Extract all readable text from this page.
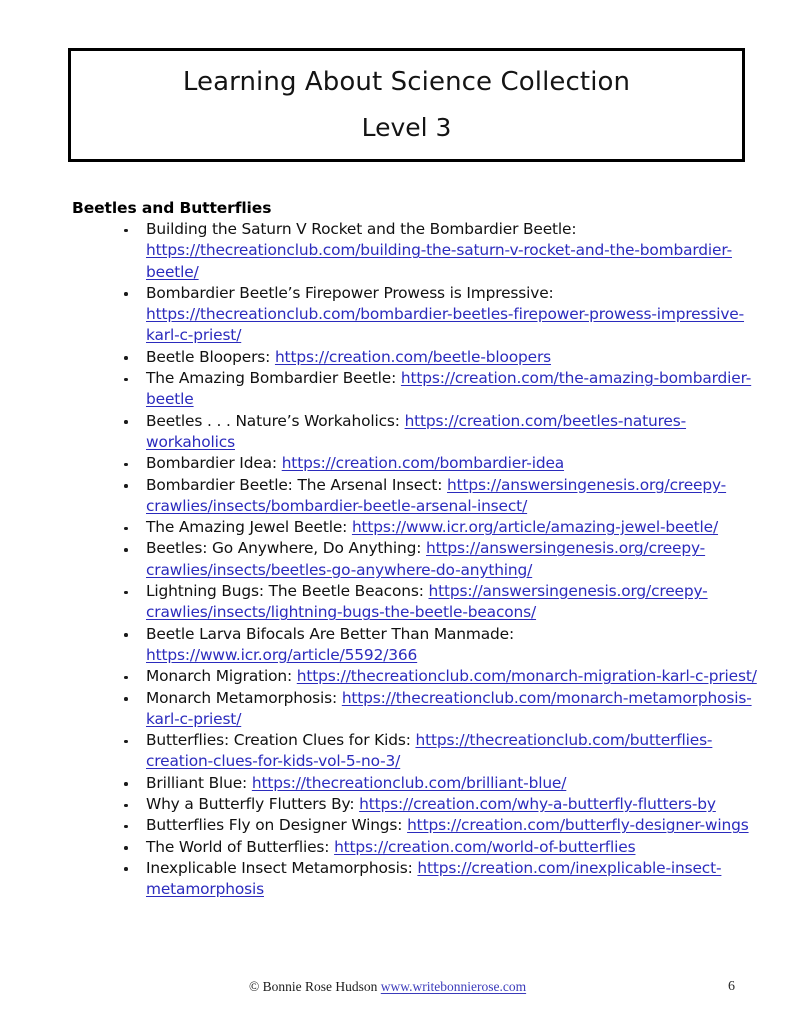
Learning About Science Collection
Level 3
Beetles and Butterflies
Building the Saturn V Rocket and the Bombardier Beetle: https://thecreationclub.com/building-the-saturn-v-rocket-and-the-bombardier-beetle/
Bombardier Beetle’s Firepower Prowess is Impressive: https://thecreationclub.com/bombardier-beetles-firepower-prowess-impressive-karl-c-priest/
Beetle Bloopers: https://creation.com/beetle-bloopers
The Amazing Bombardier Beetle: https://creation.com/the-amazing-bombardier-beetle
Beetles . . . Nature’s Workaholics: https://creation.com/beetles-natures-workaholics
Bombardier Idea: https://creation.com/bombardier-idea
Bombardier Beetle: The Arsenal Insect: https://answersingenesis.org/creepy-crawlies/insects/bombardier-beetle-arsenal-insect/
The Amazing Jewel Beetle: https://www.icr.org/article/amazing-jewel-beetle/
Beetles: Go Anywhere, Do Anything: https://answersingenesis.org/creepy-crawlies/insects/beetles-go-anywhere-do-anything/
Lightning Bugs: The Beetle Beacons: https://answersingenesis.org/creepy-crawlies/insects/lightning-bugs-the-beetle-beacons/
Beetle Larva Bifocals Are Better Than Manmade: https://www.icr.org/article/5592/366
Monarch Migration: https://thecreationclub.com/monarch-migration-karl-c-priest/
Monarch Metamorphosis: https://thecreationclub.com/monarch-metamorphosis-karl-c-priest/
Butterflies: Creation Clues for Kids: https://thecreationclub.com/butterflies-creation-clues-for-kids-vol-5-no-3/
Brilliant Blue: https://thecreationclub.com/brilliant-blue/
Why a Butterfly Flutters By: https://creation.com/why-a-butterfly-flutters-by
Butterflies Fly on Designer Wings: https://creation.com/butterfly-designer-wings
The World of Butterflies: https://creation.com/world-of-butterflies
Inexplicable Insect Metamorphosis: https://creation.com/inexplicable-insect-metamorphosis
© Bonnie Rose Hudson www.writebonnierose.com	6
